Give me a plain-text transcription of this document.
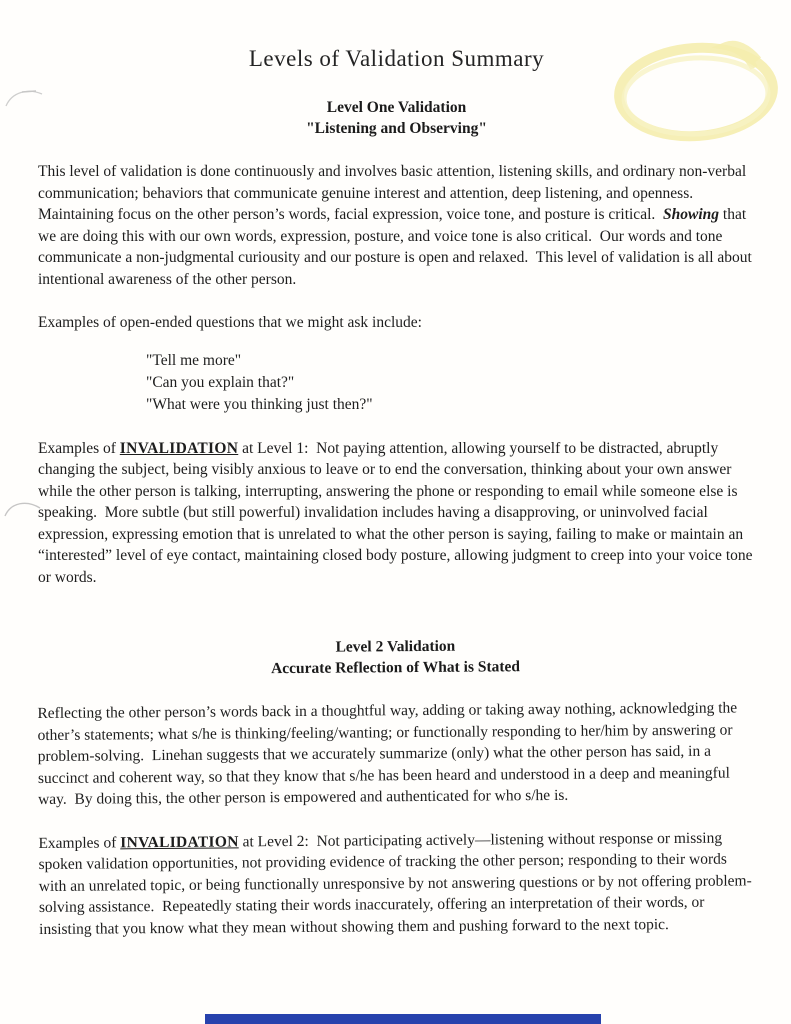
Levels of Validation Summary
Level One Validation
"Listening and Observing"

This level of validation is done continuously and involves basic attention, listening skills, and ordinary non-verbal communication; behaviors that communicate genuine interest and attention, deep listening, and openness.  Maintaining focus on the other person’s words, facial expression, voice tone, and posture is critical.  Showing that we are doing this with our own words, expression, posture, and voice tone is also critical.  Our words and tone communicate a non-judgmental curiousity and our posture is open and relaxed.  This level of validation is all about intentional awareness of the other person.

Examples of open-ended questions that we might ask include:

"Tell me more"
"Can you explain that?"
"What were you thinking just then?"

Examples of INVALIDATION at Level 1:  Not paying attention, allowing yourself to be distracted, abruptly changing the subject, being visibly anxious to leave or to end the conversation, thinking about your own answer while the other person is talking, interrupting, answering the phone or responding to email while someone else is speaking.  More subtle (but still powerful) invalidation includes having a disapproving, or uninvolved facial expression, expressing emotion that is unrelated to what the other person is saying, failing to make or maintain an “interested” level of eye contact, maintaining closed body posture, allowing judgment to creep into your voice tone or words.

Level 2 Validation
Accurate Reflection of What is Stated

Reflecting the other person’s words back in a thoughtful way, adding or taking away nothing, acknowledging the other’s statements; what s/he is thinking/feeling/wanting; or functionally responding to her/him by answering or problem-solving.  Linehan suggests that we accurately summarize (only) what the other person has said, in a succinct and coherent way, so that they know that s/he has been heard and understood in a deep and meaningful way.  By doing this, the other person is empowered and authenticated for who s/he is.

Examples of INVALIDATION at Level 2:  Not participating actively—listening without response or missing spoken validation opportunities, not providing evidence of tracking the other person; responding to their words with an unrelated topic, or being functionally unresponsive by not answering questions or by not offering problem-solving assistance.  Repeatedly stating their words inaccurately, offering an interpretation of their words, or insisting that you know what they mean without showing them and pushing forward to the next topic.
